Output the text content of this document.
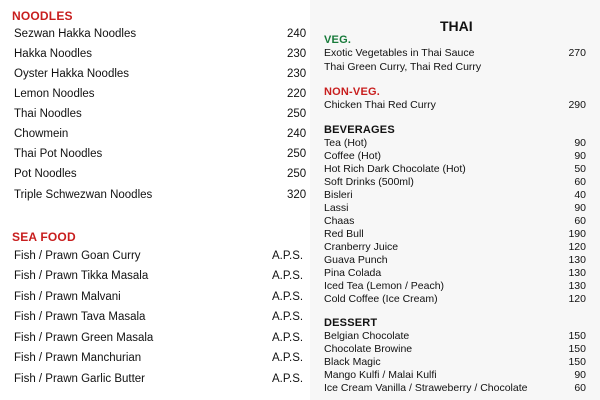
NOODLES
Sezwan Hakka Noodles	240
Hakka Noodles	230
Oyster Hakka Noodles	230
Lemon Noodles	220
Thai Noodles	250
Chowmein	240
Thai Pot Noodles	250
Pot Noodles	250
Triple Schwezwan Noodles	320
SEA FOOD
Fish / Prawn Goan Curry	A.P.S.
Fish / Prawn Tikka Masala	A.P.S.
Fish / Prawn Malvani	A.P.S.
Fish / Prawn Tava Masala	A.P.S.
Fish / Prawn Green Masala	A.P.S.
Fish / Prawn Manchurian	A.P.S.
Fish / Prawn Garlic Butter	A.P.S.
THAI
VEG.
Exotic Vegetables in Thai Sauce	270
Thai Green Curry, Thai Red Curry
NON-VEG.
Chicken Thai Red Curry	290
BEVERAGES
Tea (Hot)	90
Coffee (Hot)	90
Hot Rich Dark Chocolate (Hot)	50
Soft Drinks (500ml)	60
Bisleri	40
Lassi	90
Chaas	60
Red Bull	190
Cranberry Juice	120
Guava Punch	130
Pina Colada	130
Iced Tea (Lemon / Peach)	130
Cold Coffee (Ice Cream)	120
DESSERT
Belgian Chocolate	150
Chocolate Browine	150
Black Magic	150
Mango Kulfi / Malai Kulfi	90
Ice Cream Vanilla / Straweberry / Chocolate	60
